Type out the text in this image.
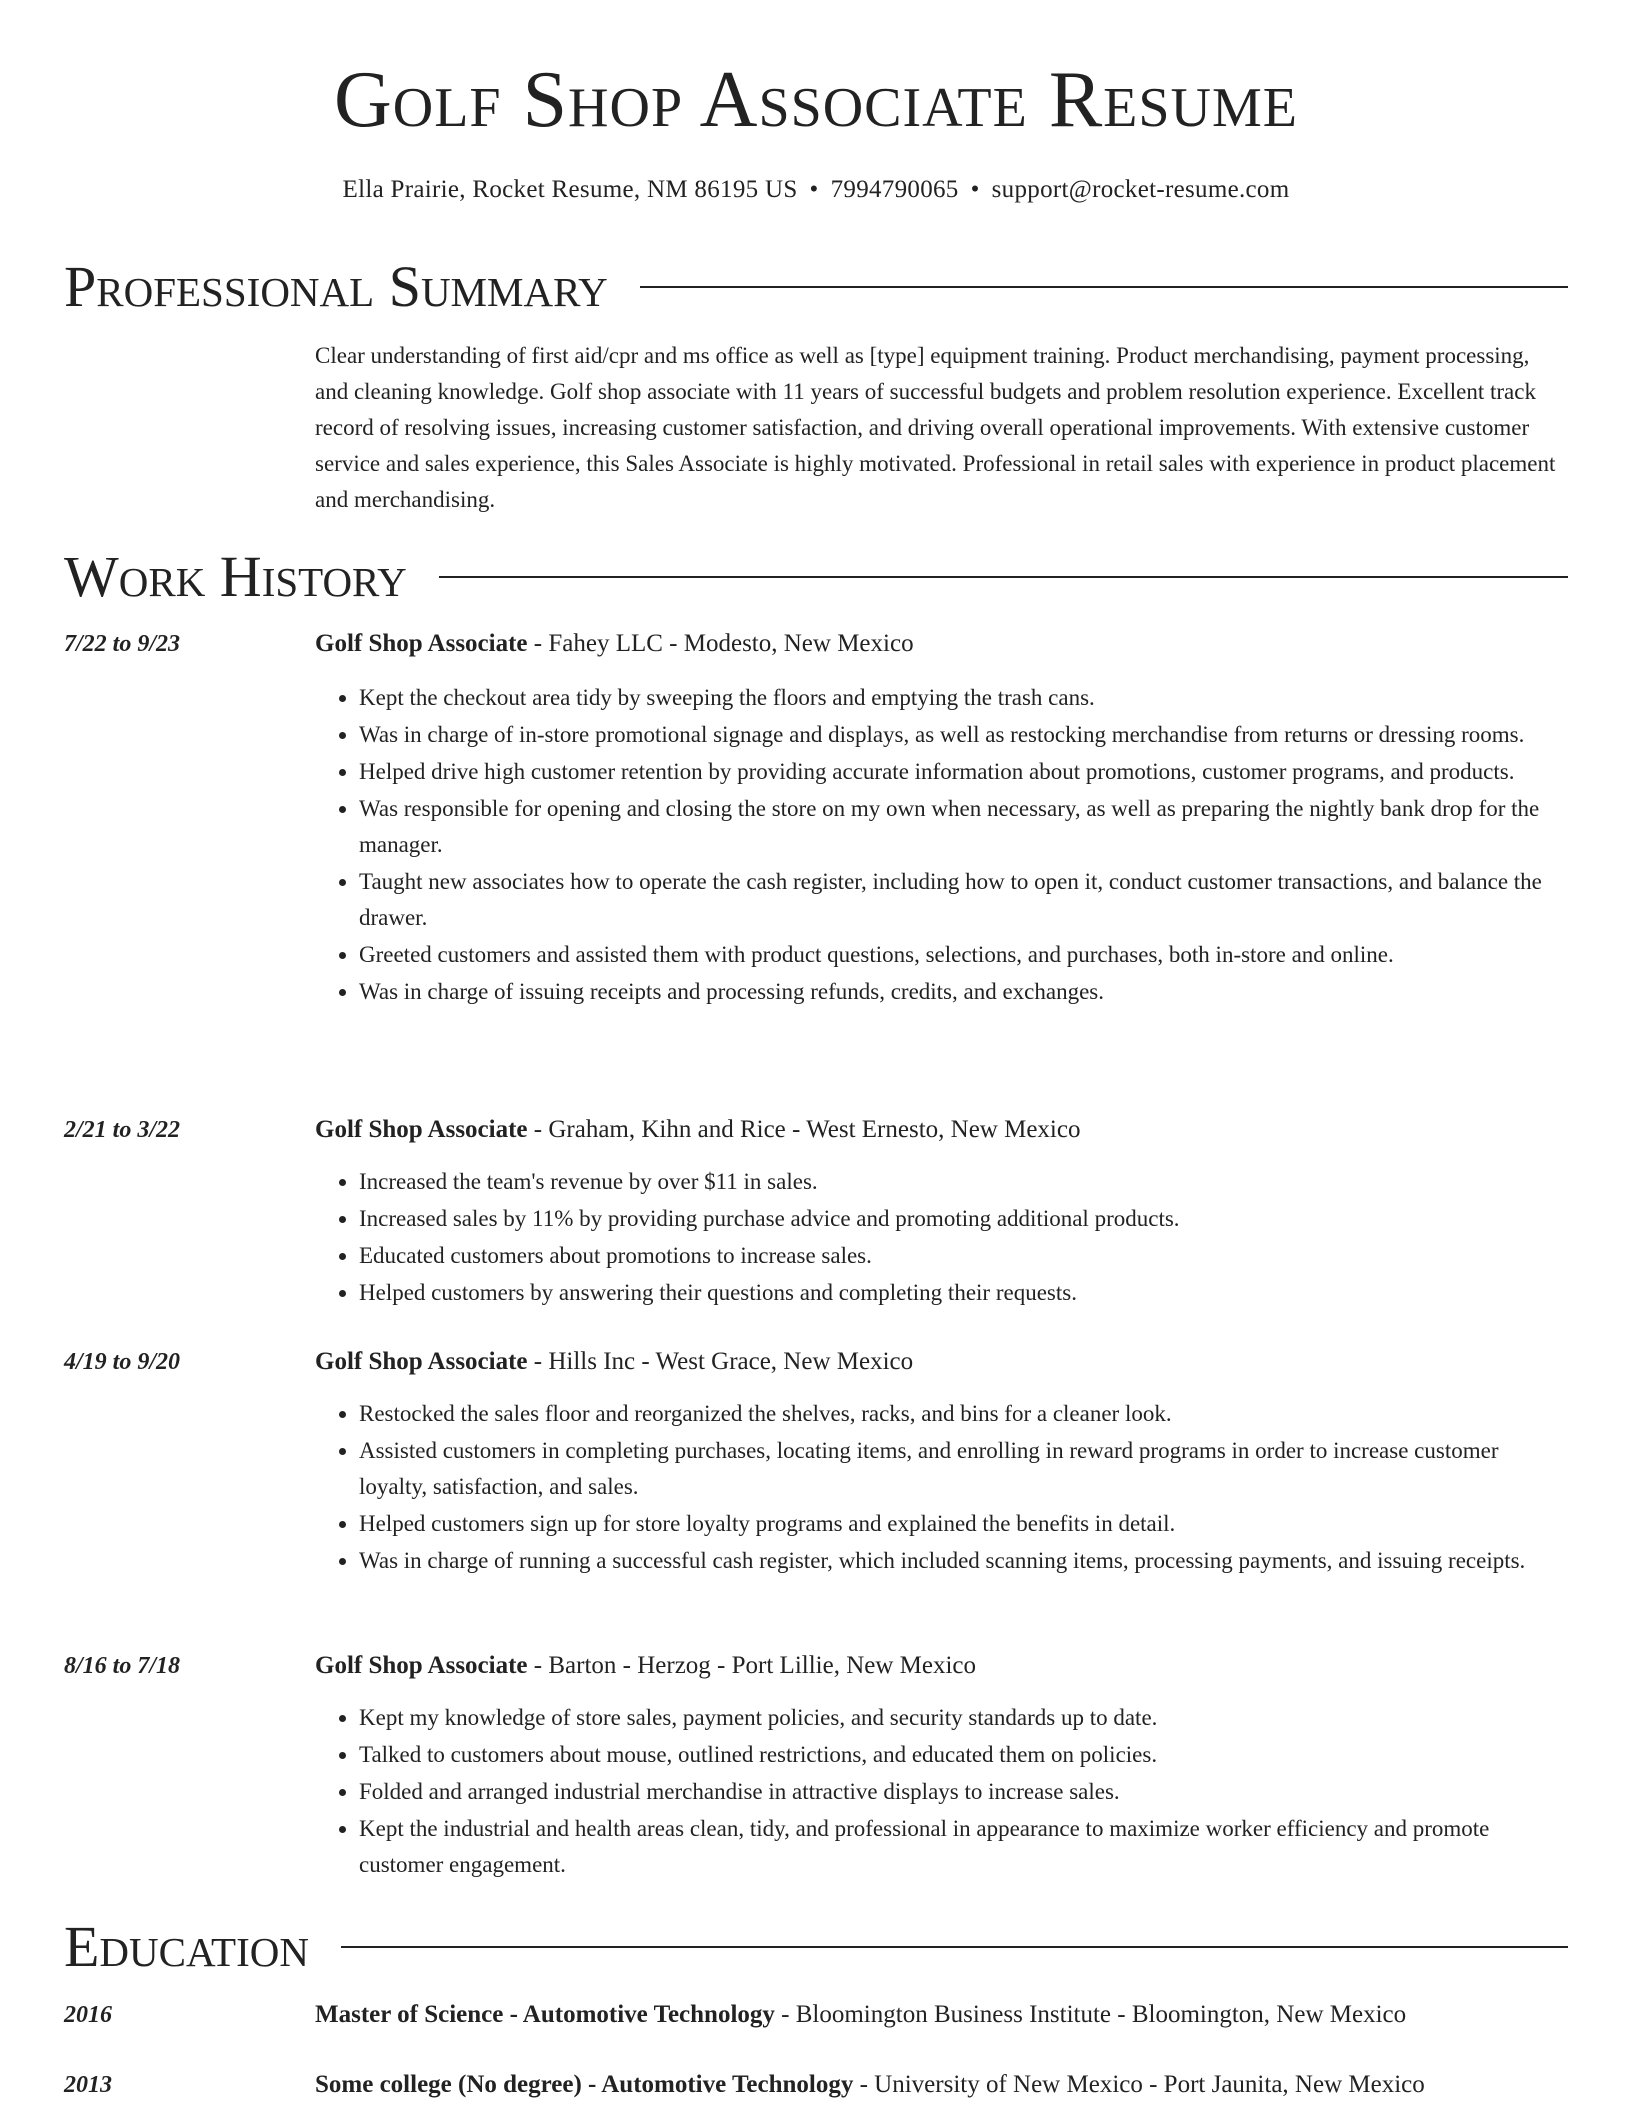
Golf Shop Associate Resume
Ella Prairie, Rocket Resume, NM 86195 US • 7994790065 • support@rocket-resume.com
Professional Summary

Clear understanding of first aid/cpr and ms office as well as [type] equipment training. Product merchandising, payment processing, and cleaning knowledge. Golf shop associate with 11 years of successful budgets and problem resolution experience. Excellent track record of resolving issues, increasing customer satisfaction, and driving overall operational improvements. With extensive customer service and sales experience, this Sales Associate is highly motivated. Professional in retail sales with experience in product placement and merchandising.

Work History
7/22 to 9/23	Golf Shop Associate - Fahey LLC - Modesto, New Mexico
• Kept the checkout area tidy by sweeping the floors and emptying the trash cans.
• Was in charge of in-store promotional signage and displays, as well as restocking merchandise from returns or dressing rooms.
• Helped drive high customer retention by providing accurate information about promotions, customer programs, and products.
• Was responsible for opening and closing the store on my own when necessary, as well as preparing the nightly bank drop for the manager.
• Taught new associates how to operate the cash register, including how to open it, conduct customer transactions, and balance the drawer.
• Greeted customers and assisted them with product questions, selections, and purchases, both in-store and online.
• Was in charge of issuing receipts and processing refunds, credits, and exchanges.
2/21 to 3/22	Golf Shop Associate - Graham, Kihn and Rice - West Ernesto, New Mexico
• Increased the team's revenue by over $11 in sales.
• Increased sales by 11% by providing purchase advice and promoting additional products.
• Educated customers about promotions to increase sales.
• Helped customers by answering their questions and completing their requests.
4/19 to 9/20	Golf Shop Associate - Hills Inc - West Grace, New Mexico
• Restocked the sales floor and reorganized the shelves, racks, and bins for a cleaner look.
• Assisted customers in completing purchases, locating items, and enrolling in reward programs in order to increase customer loyalty, satisfaction, and sales.
• Helped customers sign up for store loyalty programs and explained the benefits in detail.
• Was in charge of running a successful cash register, which included scanning items, processing payments, and issuing receipts.
8/16 to 7/18	Golf Shop Associate - Barton - Herzog - Port Lillie, New Mexico
• Kept my knowledge of store sales, payment policies, and security standards up to date.
• Talked to customers about mouse, outlined restrictions, and educated them on policies.
• Folded and arranged industrial merchandise in attractive displays to increase sales.
• Kept the industrial and health areas clean, tidy, and professional in appearance to maximize worker efficiency and promote customer engagement.
Education
2016	Master of Science - Automotive Technology - Bloomington Business Institute - Bloomington, New Mexico
2013	Some college (No degree) - Automotive Technology - University of New Mexico - Port Jaunita, New Mexico
